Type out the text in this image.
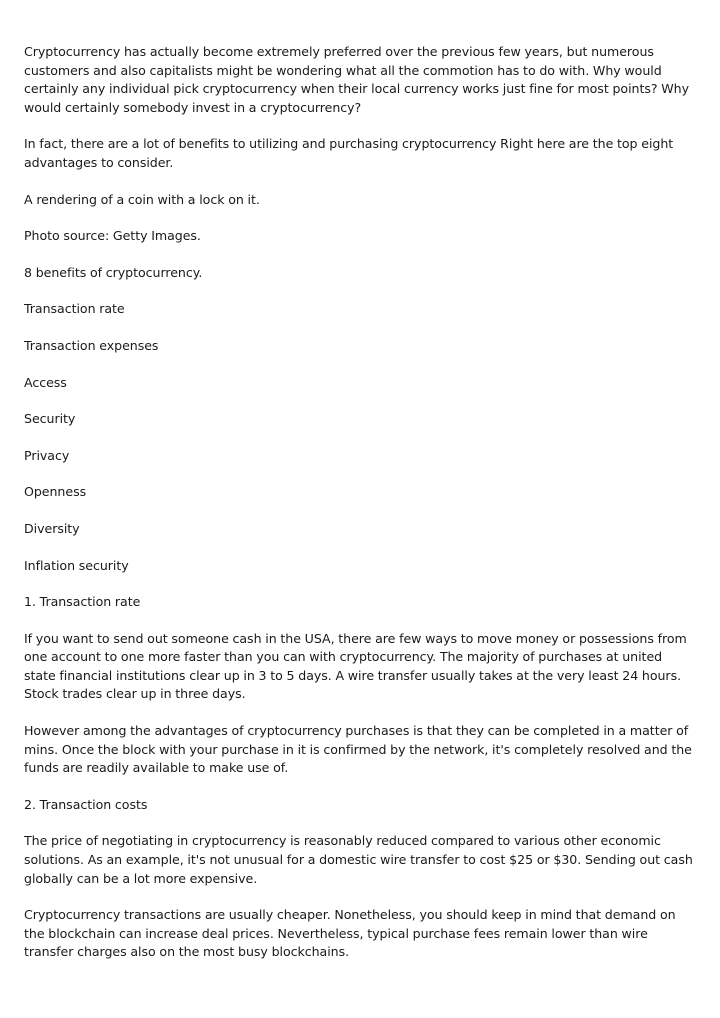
Cryptocurrency has actually become extremely preferred over the previous few years, but numerous customers and also capitalists might be wondering what all the commotion has to do with. Why would certainly any individual pick cryptocurrency when their local currency works just fine for most points? Why would certainly somebody invest in a cryptocurrency?

In fact, there are a lot of benefits to utilizing and purchasing cryptocurrency Right here are the top eight advantages to consider.

A rendering of a coin with a lock on it.

Photo source: Getty Images.

8 benefits of cryptocurrency.

Transaction rate

Transaction expenses

Access

Security

Privacy

Openness

Diversity

Inflation security

1. Transaction rate

If you want to send out someone cash in the USA, there are few ways to move money or possessions from one account to one more faster than you can with cryptocurrency. The majority of purchases at united state financial institutions clear up in 3 to 5 days. A wire transfer usually takes at the very least 24 hours. Stock trades clear up in three days.

However among the advantages of cryptocurrency purchases is that they can be completed in a matter of mins. Once the block with your purchase in it is confirmed by the network, it's completely resolved and the funds are readily available to make use of.

2. Transaction costs

The price of negotiating in cryptocurrency is reasonably reduced compared to various other economic solutions. As an example, it's not unusual for a domestic wire transfer to cost $25 or $30. Sending out cash globally can be a lot more expensive.

Cryptocurrency transactions are usually cheaper. Nonetheless, you should keep in mind that demand on the blockchain can increase deal prices. Nevertheless, typical purchase fees remain lower than wire transfer charges also on the most busy blockchains.
